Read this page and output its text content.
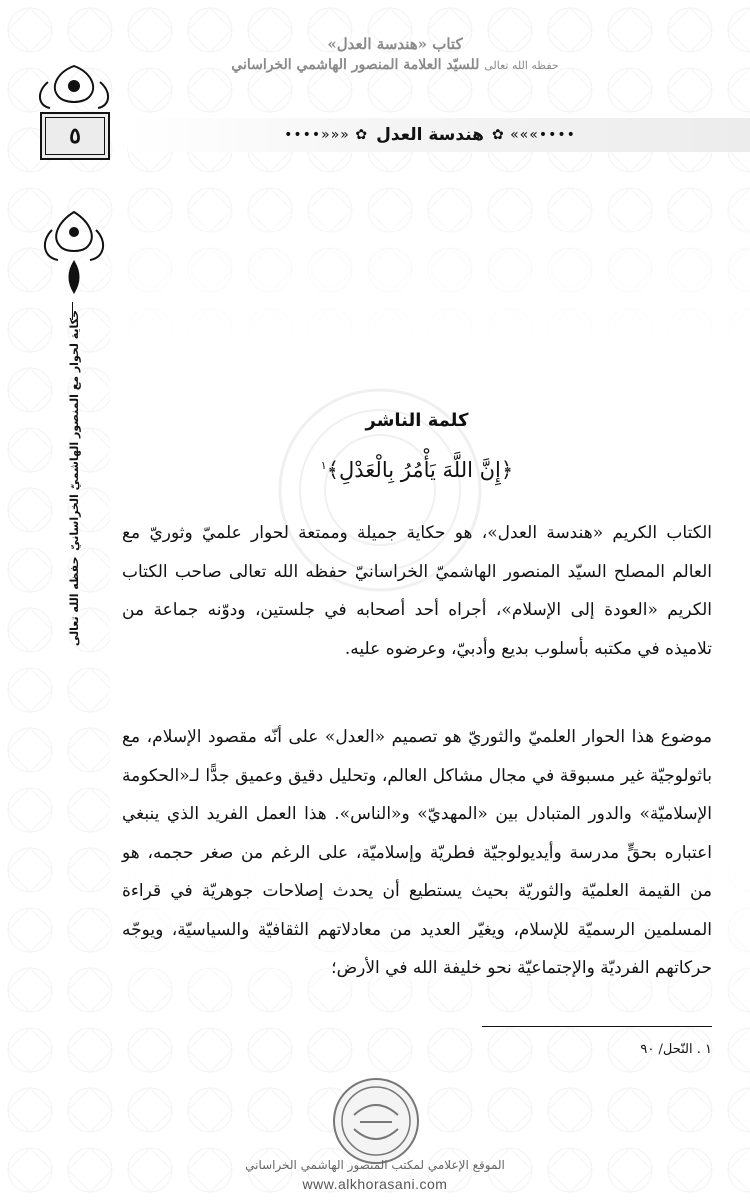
كتاب «هندسة العدل»
حفظه الله تعالى للسيّد العلامة المنصور الهاشمي الخراساني
••••»»» ✿
هندسة العدل
✿ «««••••
٥
حكاية لحوار مع المنصور الهاشميّ الخراسانيّ حفظه الله تعالى
كلمة الناشر
﴿إِنَّ اللَّهَ يَأْمُرُ بِالْعَدْلِ﴾$^١$
الكتاب الكريم «هندسة العدل»، هو حكاية جميلة وممتعة لحوار علميّ وثوريّ مع العالم المصلح السيّد المنصور الهاشميّ الخراسانيّ حفظه الله تعالى صاحب الكتاب الكريم «العودة إلى الإسلام»، أجراه أحد أصحابه في جلستين، ودوّنه جماعة من تلاميذه في مكتبه بأسلوب بديع وأدبيّ، وعرضوه عليه.
موضوع هذا الحوار العلميّ والثوريّ هو تصميم «العدل» على أنّه مقصود الإسلام، مع باثولوجيّة غير مسبوقة في مجال مشاكل العالم، وتحليل دقيق وعميق جدًّا لـ«الحكومة الإسلاميّة» والدور المتبادل بين «المهديّ» و«الناس». هذا العمل الفريد الذي ينبغي اعتباره بحقٍّ مدرسة وأيديولوجيّة فطريّة وإسلاميّة، على الرغم من صغر حجمه، هو من القيمة العلميّة والثوريّة بحيث يستطيع أن يحدث إصلاحات جوهريّة في قراءة المسلمين الرسميّة للإسلام، ويغيّر العديد من معادلاتهم الثقافيّة والسياسيّة، ويوجّه حركاتهم الفرديّة والإجتماعيّة نحو خليفة الله في الأرض؛
١ . النّحل/ ٩٠
الموقع الإعلامي لمكتب المنصور الهاشمي الخراساني
www.alkhorasani.com
